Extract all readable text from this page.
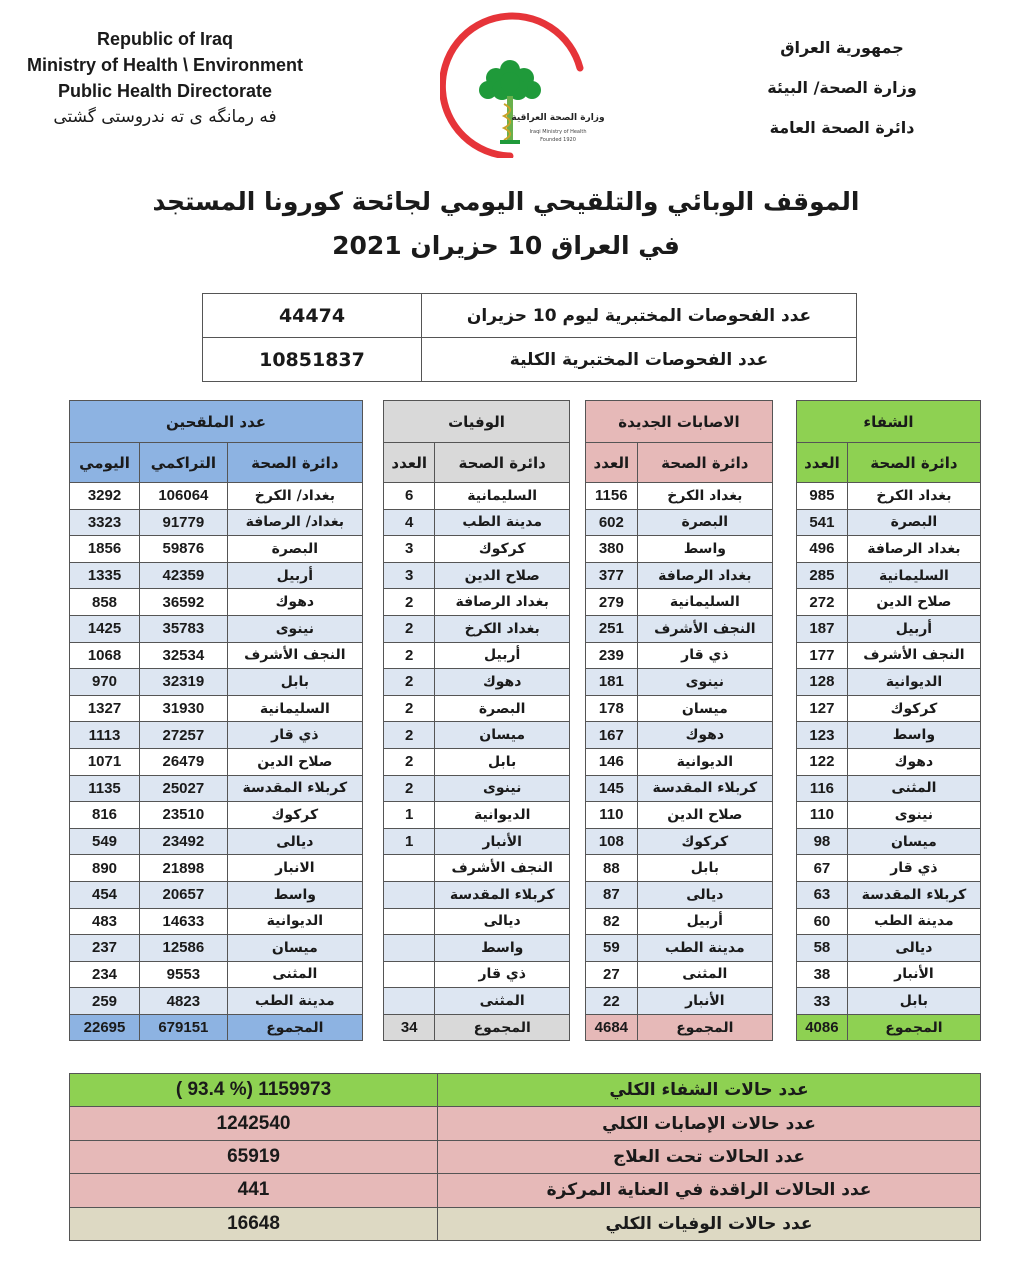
Republic of Iraq
Ministry of Health \ Environment
Public Health Directorate
فه رمانگه ى ته ندروستى گشتى	وزارة الصحة العراقية
Iraqi Ministry of Health
Founded 1920
جمهورية العراق
وزارة الصحة/ البيئة
دائرة الصحة العامة
الموقف الوبائي والتلقيحي اليومي لجائحة كورونا المستجد
في العراق 10 حزيران 2021
عدد الفحوصات المختبرية ليوم 10 حزيران	44474
عدد الفحوصات المختبرية الكلية	10851837
الشفاء	
دائرة الصحة	العدد
بغداد الكرخ	985
البصرة	541
بغداد الرصافة	496
السليمانية	285
صلاح الدين	272
أربيل	187
النجف الأشرف	177
الديوانية	128
كركوك	127
واسط	123
دهوك	122
المثنى	116
نينوى	110
ميسان	98
ذي قار	67
كربلاء المقدسة	63
مدينة الطب	60
ديالى	58
الأنبار	38
بابل	33
المجموع	4086
الاصابات الجديدة	
دائرة الصحة	العدد
بغداد الكرخ	1156
البصرة	602
واسط	380
بغداد الرصافة	377
السليمانية	279
النجف الأشرف	251
ذي قار	239
نينوى	181
ميسان	178
دهوك	167
الديوانية	146
كربلاء المقدسة	145
صلاح الدين	110
كركوك	108
بابل	88
ديالى	87
أربيل	82
مدينة الطب	59
المثنى	27
الأنبار	22
المجموع	4684
الوفيات	
دائرة الصحة	العدد
السليمانية	6
مدينة الطب	4
كركوك	3
صلاح الدين	3
بغداد الرصافة	2
بغداد الكرخ	2
أربيل	2
دهوك	2
البصرة	2
ميسان	2
بابل	2
نينوى	2
الديوانية	1
الأنبار	1
النجف الأشرف	
كربلاء المقدسة	
ديالى	
واسط	
ذي قار	
المثنى	
المجموع	34
عدد الملقحين		
دائرة الصحة	التراكمي	اليومي
بغداد/ الكرخ	106064	3292
بغداد/ الرصافة	91779	3323
البصرة	59876	1856
أربيل	42359	1335
دهوك	36592	858
نينوى	35783	1425
النجف الأشرف	32534	1068
بابل	32319	970
السليمانية	31930	1327
ذي قار	27257	1113
صلاح الدين	26479	1071
كربلاء المقدسة	25027	1135
كركوك	23510	816
ديالى	23492	549
الانبار	21898	890
واسط	20657	454
الديوانية	14633	483
ميسان	12586	237
المثنى	9553	234
مدينة الطب	4823	259
المجموع	679151	22695
عدد حالات الشفاء الكلي	1159973 (% 93.4 )
عدد حالات الإصابات الكلي	1242540
عدد الحالات تحت العلاج	65919
عدد الحالات الراقدة في العناية المركزة	441
عدد حالات الوفيات الكلي	16648
